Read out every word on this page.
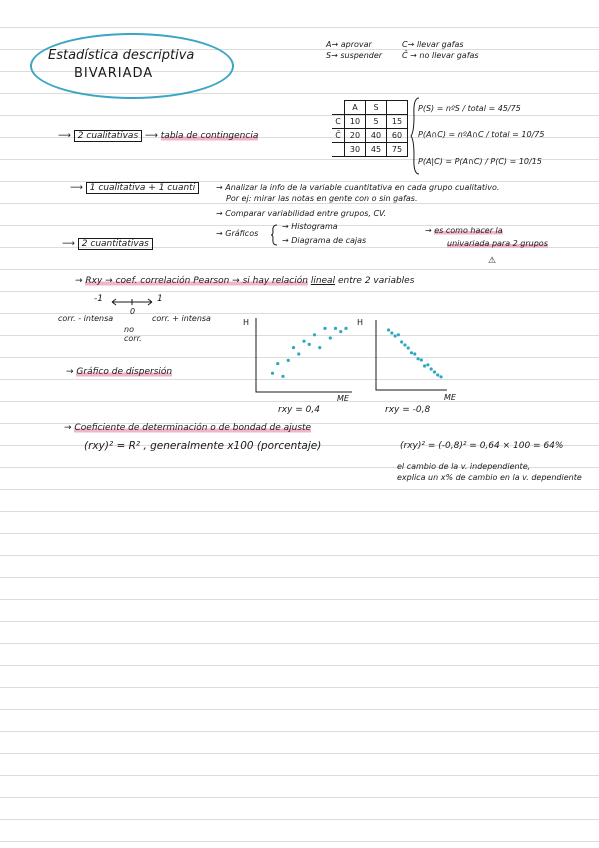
Estadística descriptiva
BIVARIADA
A→ aprovar
S→ suspender
C→ llevar gafas
C̄ → no llevar gafas
⟶ 2 cualitativas ⟶ tabla de contingencia
	A	S	
C	10	5	15
C̄	20	40	60
	30	45	75
P(S) = nºS / total = 45/75
P(A∩C) = nºA∩C / total = 10/75
P(A|C) = P(A∩C) / P(C) = 10/15
⟶ 1 cualitativa + 1 cuanti	→ Analizar la info de la variable cuantitativa en cada grupo cualitativo.
Por ej: mirar las notas en gente con o sin gafas.
→ Comparar variabilidad entre grupos, CV.
→ Gráficos
→ Histograma
→ Diagrama de cajas
→ es como hacer la
univariada para 2 grupos
⚠
⟶ 2 cuantitativas
→ Rxy → coef. correlación Pearson → si hay relación lineal entre 2 variables
-1	1
0
corr. - intensa	corr. + intensa
no corr.
→ Gráfico de dispersión
H
ME
rxy = 0,4
H
ME
rxy = -0,8
→ Coeficiente de determinación o de bondad de ajuste
(rxy)² = R² , generalmente x100 (porcentaje)	(rxy)² = (-0,8)² = 0,64 × 100 = 64%
el cambio de la v. independiente,
explica un x% de cambio en la v. dependiente
